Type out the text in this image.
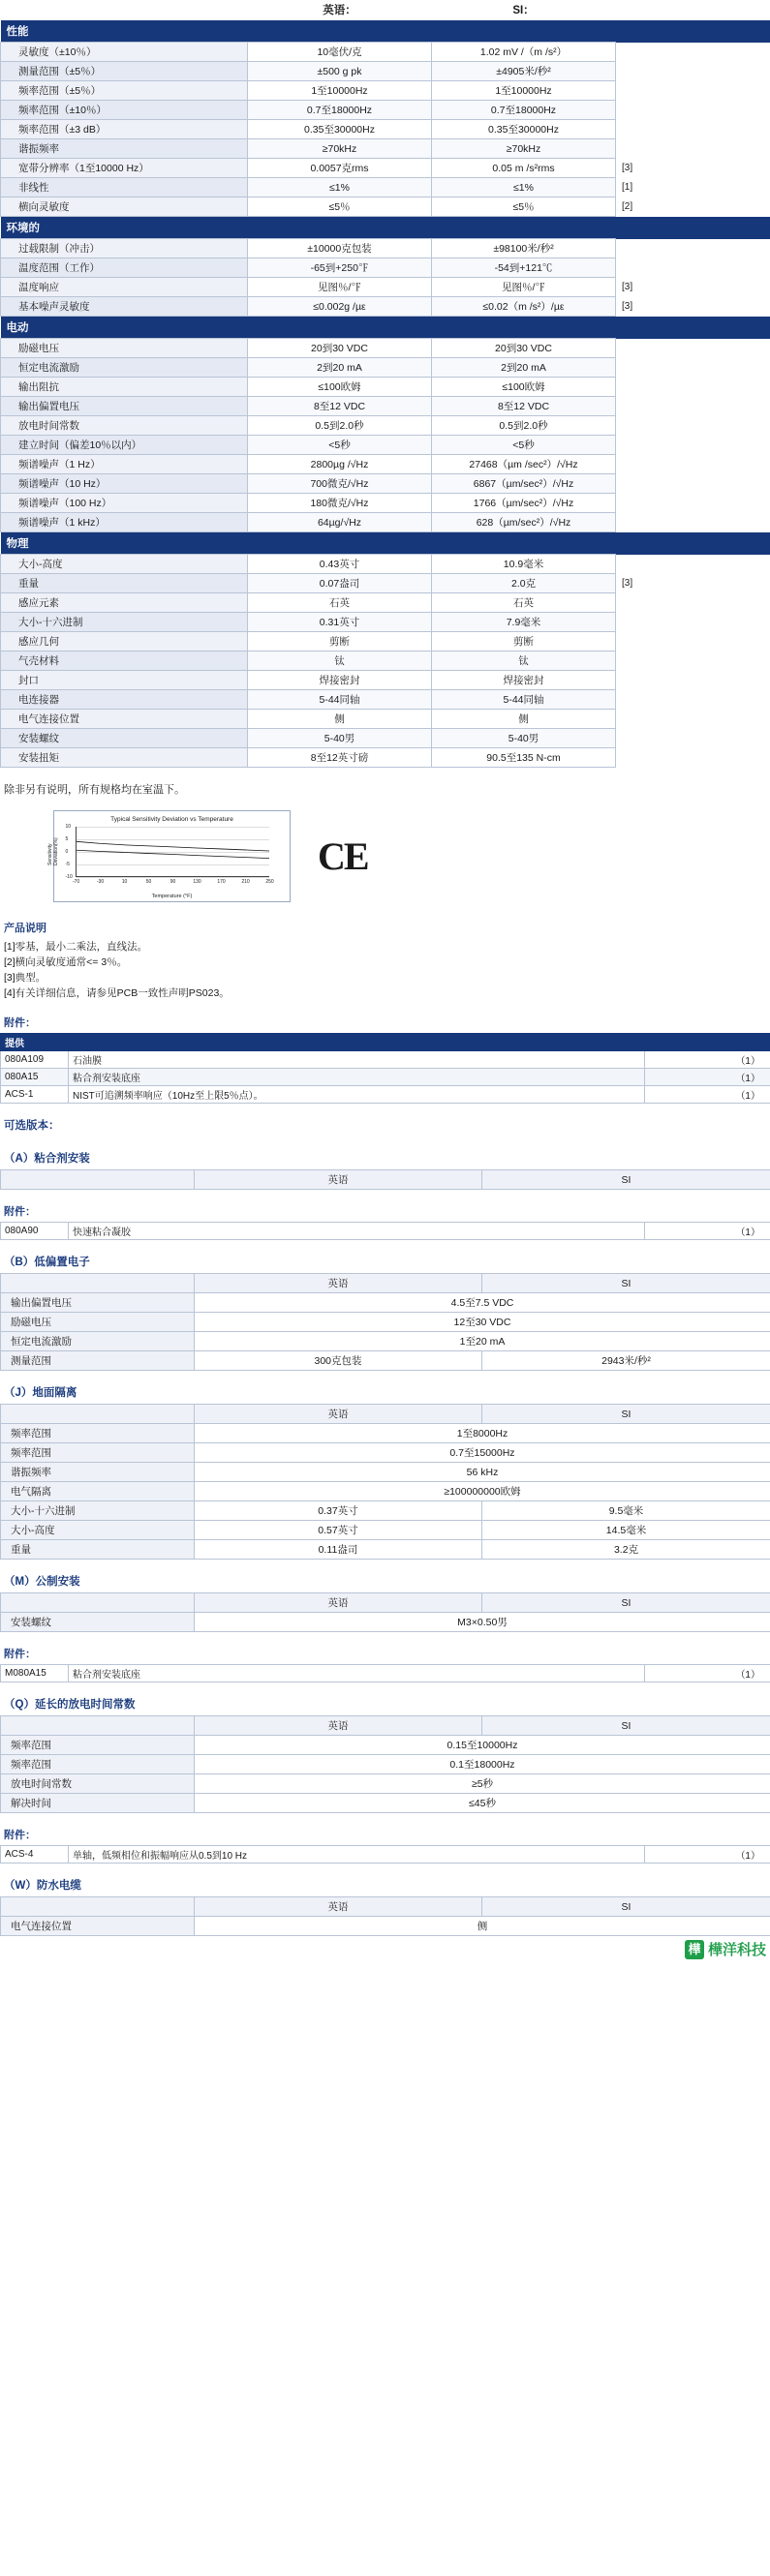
	英语：	SI：	
性能			
灵敏度（±10％）	10毫伏/克	1.02 mV /（m /s²）	
测量范围（±5％）	±500 g pk	±4905米/秒²	
频率范围（±5％）	1至10000Hz	1至10000Hz	
频率范围（±10％）	0.7至18000Hz	0.7至18000Hz	
频率范围（±3 dB）	0.35至30000Hz	0.35至30000Hz	
谐振频率	≥70kHz	≥70kHz	
宽带分辨率（1至10000 Hz）	0.0057克rms	0.05 m /s²rms	[3]
非线性	≤1%	≤1%	[1]
横向灵敏度	≤5％	≤5％	[2]
环境的			
过载限制（冲击）	±10000克包装	±98100米/秒²	
温度范围（工作）	-65到+250℉	-54到+121℃	
温度响应	见图％/℉	见图％/℉	[3]
基本噪声灵敏度	≤0.002g /µε	≤0.02（m /s²）/µε	[3]
电动			
励磁电压	20到30 VDC	20到30 VDC	
恒定电流激励	2到20 mA	2到20 mA	
输出阻抗	≤100欧姆	≤100欧姆	
输出偏置电压	8至12 VDC	8至12 VDC	
放电时间常数	0.5到2.0秒	0.5到2.0秒	
建立时间（偏差10％以内）	<5秒	<5秒	
频谱噪声（1 Hz）	2800µg /√Hz	27468（µm /sec²）/√Hz	
频谱噪声（10 Hz）	700微克/√Hz	6867（µm/sec²）/√Hz	
频谱噪声（100 Hz）	180微克/√Hz	1766（µm/sec²）/√Hz	
频谱噪声（1 kHz）	64µg/√Hz	628（µm/sec²）/√Hz	
物理			
大小-高度	0.43英寸	10.9毫米	
重量	0.07盎司	2.0克	[3]
感应元素	石英	石英	
大小-十六进制	0.31英寸	7.9毫米	
感应几何	剪断	剪断	
气壳材料	钛	钛	
封口	焊接密封	焊接密封	
电连接器	5-44同轴	5-44同轴	
电气连接位置	侧	侧	
安装螺纹	5-40男	5-40男	
安装扭矩	8至12英寸磅	90.5至135 N-cm	
除非另有说明，所有规格均在室温下。
Typical Sensitivity Deviation vs Temperature
Sensitivity Deviation(%)
10
5
0
-5
-10
-70	-30	10	50	90	130	170	210	250
Temperature (°F)
CE
产品说明
[1]零基，最小二乘法，直线法。
[2]横向灵敏度通常<= 3％。
[3]典型。
[4]有关详细信息，请参见PCB一致性声明PS023。
附件：
提供		
080A109	石油膜	（1）
080A15	粘合剂安装底座	（1）
ACS-1	NIST可追溯频率响应（10Hz至上限5％点）。	（1）
可选版本：
（A）粘合剂安装
	英语	SI
附件：
080A90	快速粘合凝胶	（1）
（B）低偏置电子
	英语	SI
输出偏置电压	4.5至7.5 VDC	
励磁电压	12至30 VDC	
恒定电流激励	1至20 mA	
测量范围	300克包装	2943米/秒²
（J）地面隔离
	英语	SI
频率范围	1至8000Hz	
频率范围	0.7至15000Hz	
谐振频率	56 kHz	
电气隔离	≥100000000欧姆	
大小-十六进制	0.37英寸	9.5毫米
大小-高度	0.57英寸	14.5毫米
重量	0.11盎司	3.2克
（M）公制安装
	英语	SI
安装螺纹	M3×0.50男	
附件：
M080A15	粘合剂安装底座	（1）
（Q）延长的放电时间常数
	英语	SI
频率范围	0.15至10000Hz	
频率范围	0.1至18000Hz	
放电时间常数	≥5秒	
解决时间	≤45秒	
附件：
ACS-4	单轴，低频相位和振幅响应从0.5到10 Hz	（1）
（W）防水电缆
	英语	SI
电气连接位置	侧	
樺 樺洋科技
